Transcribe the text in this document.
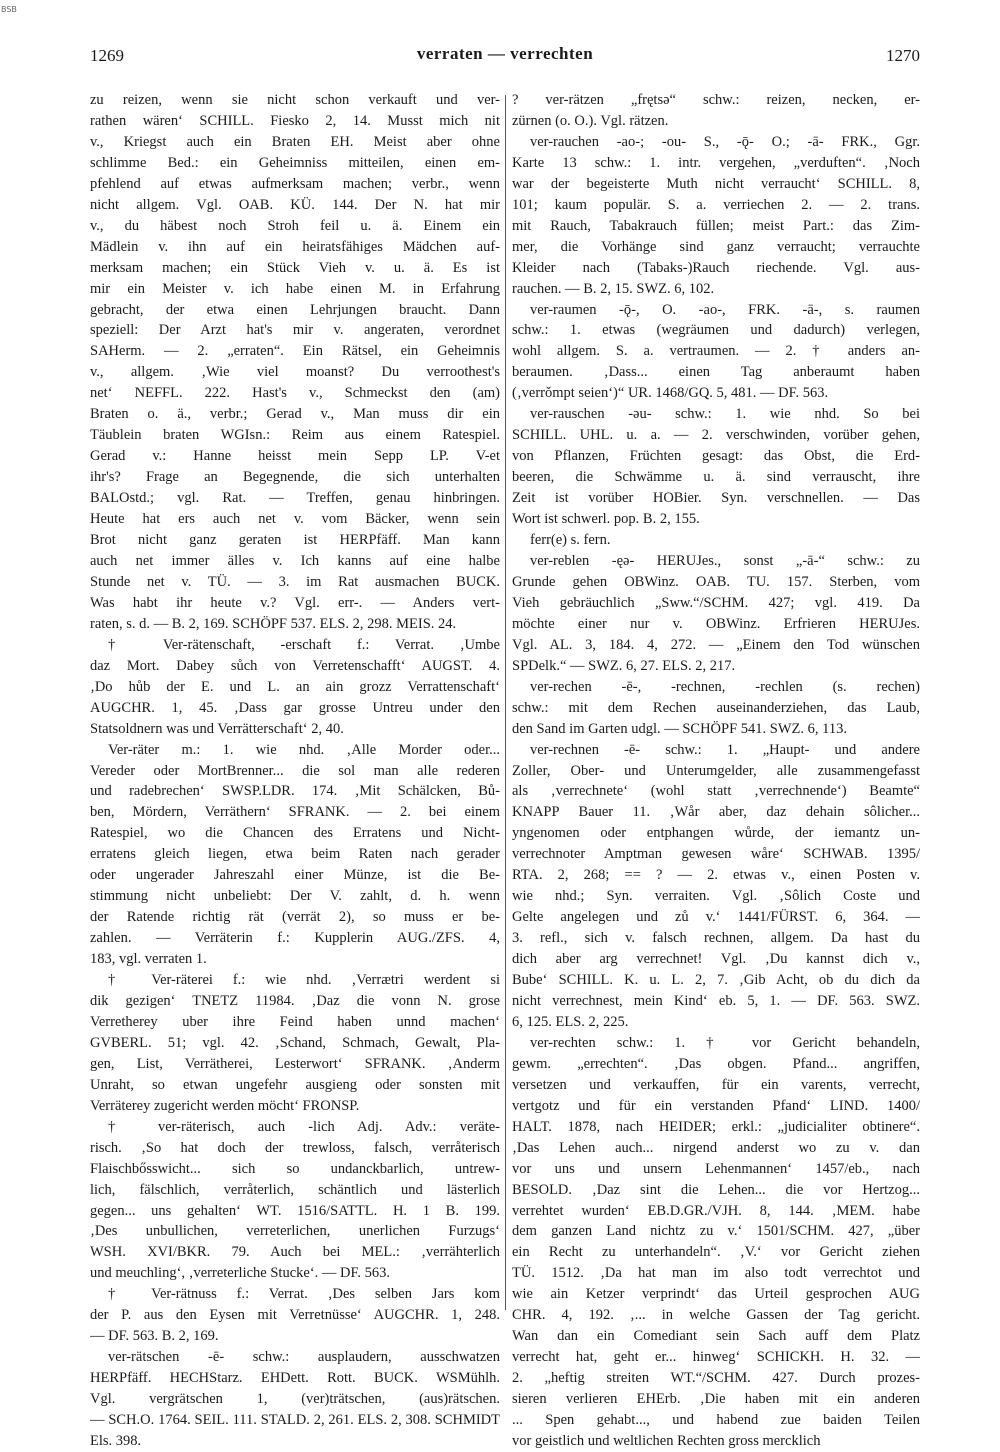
BSB
1269	verraten — verrechten	1270
zu reizen, wenn sie nicht schon verkauft und ver-
rathen wären‘ SCHILL. Fiesko 2, 14. Musst mich nit
v., Kriegst auch ein Braten EH. Meist aber ohne
schlimme Bed.: ein Geheimniss mitteilen, einen em-
pfehlend auf etwas aufmerksam machen; verbr., wenn
nicht allgem. Vgl. OAB. KÜ. 144. Der N. hat mir
v., du häbest noch Stroh feil u. ä. Einem ein
Mädlein v. ihn auf ein heiratsfähiges Mädchen auf-
merksam machen; ein Stück Vieh v. u. ä. Es ist
mir ein Meister v. ich habe einen M. in Erfahrung
gebracht, der etwa einen Lehrjungen braucht. Dann
speziell: Der Arzt hat's mir v. angeraten, verordnet
SAHerm. — 2. „erraten“. Ein Rätsel, ein Geheimnis
v., allgem. ‚Wie viel moanst? Du verroothest's
net‘ NEFFL. 222. Hast's v., Schmeckst den (am)
Braten o. ä., verbr.; Gerad v., Man muss dir ein
Täublein braten WGIsn.: Reim aus einem Ratespiel.
Gerad v.: Hanne heisst mein Sepp LP. V-et
ihr's? Frage an Begegnende, die sich unterhalten
BALOstd.; vgl. Rat. — Treffen, genau hinbringen.
Heute hat ers auch net v. vom Bäcker, wenn sein
Brot nicht ganz geraten ist HERPfäff. Man kann
auch net immer älles v. Ich kanns auf eine halbe
Stunde net v. TÜ. — 3. im Rat ausmachen BUCK.
Was habt ihr heute v.? Vgl. err-. — Anders vert-
raten, s. d. — B. 2, 169. SCHÖPF 537. ELS. 2, 298. MEIS. 24.
† Ver-rätenschaft, -erschaft f.: Verrat. ‚Umbe
daz Mort. Dabey sůch von Verretenschafft‘ AUGST. 4.
‚Do hůb der E. und L. an ain grozz Verrattenschaft‘
AUGCHR. 1, 45. ‚Dass gar grosse Untreu under den
Statsoldnern was und Verrätterschaft‘ 2, 40.
Ver-räter m.: 1. wie nhd. ‚Alle Morder oder...
Vereder oder MortBrenner... die sol man alle rederen
und radebrechen‘ SWSP.LDR. 174. ‚Mit Schälcken, Bů-
ben, Mördern, Verräthern‘ SFRANK. — 2. bei einem
Ratespiel, wo die Chancen des Erratens und Nicht-
erratens gleich liegen, etwa beim Raten nach gerader
oder ungerader Jahreszahl einer Münze, ist die Be-
stimmung nicht unbeliebt: Der V. zahlt, d. h. wenn
der Ratende richtig rät (verrät 2), so muss er be-
zahlen. — Verräterin f.: Kupplerin AUG./ZFS. 4,
183, vgl. verraten 1.
† Ver-räterei f.: wie nhd. ‚Verrætri werdent si
dik gezigen‘ TNETZ 11984. ‚Daz die vonn N. grose
Verretherey uber ihre Feind haben unnd machen‘
GVBERL. 51; vgl. 42. ‚Schand, Schmach, Gewalt, Pla-
gen, List, Verrätherei, Lesterwort‘ SFRANK. ‚Anderm
Unraht, so etwan ungefehr ausgieng oder sonsten mit
Verräterey zugericht werden möcht‘ FRONSP.
† ver-räterisch, auch -lich Adj. Adv.: veräte-
risch. ‚So hat doch der trewloss, falsch, verråterisch
Flaischbősswicht... sich so undanckbarlich, untrew-
lich, fälschlich, verråterlich, schäntlich und lästerlich
gegen... uns gehalten‘ WT. 1516/SATTL. H. 1 B. 199.
‚Des unbullichen, verreterlichen, unerlichen Furzugs‘
WSH. XVI/BKR. 79. Auch bei MEL.: ‚verrähterlich
und meuchling‘, ‚verreterliche Stucke‘. — DF. 563.
† Ver-rätnuss f.: Verrat. ‚Des selben Jars kom
der P. aus den Eysen mit Verretnüsse‘ AUGCHR. 1, 248.
— DF. 563. B. 2, 169.
ver-rätschen -ē- schw.: ausplaudern, ausschwatzen
HERPfäff. HECHStarz. EHDett. Rott. BUCK. WSMühlh.
Vgl. vergrätschen 1, (ver)trätschen, (aus)rätschen.
— SCH.O. 1764. SEIL. 111. STALD. 2, 261. ELS. 2, 308. SCHMIDT
Els. 398.
? ver-rätzen „frętsə“ schw.: reizen, necken, er-
zürnen (o. O.). Vgl. rätzen.
ver-rauchen -ao-; -ou- S., -ǭ- O.; -ā- FRK., Ggr.
Karte 13 schw.: 1. intr. vergehen, „verduften“. ‚Noch
war der begeisterte Muth nicht verraucht‘ SCHILL. 8,
101; kaum populär. S. a. verriechen 2. — 2. trans.
mit Rauch, Tabakrauch füllen; meist Part.: das Zim-
mer, die Vorhänge sind ganz verraucht; verrauchte
Kleider nach (Tabaks-)Rauch riechende. Vgl. aus-
rauchen. — B. 2, 15. SWZ. 6, 102.
ver-raumen -ǭ-, O. -ao-, FRK. -ā-, s. raumen
schw.: 1. etwas (wegräumen und dadurch) verlegen,
wohl allgem. S. a. vertraumen. — 2. † anders an-
beraumen. ‚Dass... einen Tag anberaumt haben
(‚verrǒmpt seien‘)“ UR. 1468/GQ. 5, 481. — DF. 563.
ver-rauschen -əu- schw.: 1. wie nhd. So bei
SCHILL. UHL. u. a. — 2. verschwinden, vorüber gehen,
von Pflanzen, Früchten gesagt: das Obst, die Erd-
beeren, die Schwämme u. ä. sind verrauscht, ihre
Zeit ist vorüber HOBier. Syn. verschnellen. — Das
Wort ist schwerl. pop. B. 2, 155.
ferr(e) s. fern.
ver-reblen -ęə- HERUJes., sonst „-ā-“ schw.: zu
Grunde gehen OBWinz. OAB. TU. 157. Sterben, vom
Vieh gebräuchlich „Sww.“/SCHM. 427; vgl. 419. Da
möchte einer nur v. OBWinz. Erfrieren HERUJes.
Vgl. AL. 3, 184. 4, 272. — „Einem den Tod wünschen
SPDelk.“ — SWZ. 6, 27. ELS. 2, 217.
ver-rechen -ē-, -rechnen, -rechlen (s. rechen)
schw.: mit dem Rechen auseinanderziehen, das Laub,
den Sand im Garten udgl. — SCHÖPF 541. SWZ. 6, 113.
ver-rechnen -ē- schw.: 1. „Haupt- und andere
Zoller, Ober- und Unterumgelder, alle zusammengefasst
als ‚verrechnete‘ (wohl statt ‚verrechnende‘) Beamte“
KNAPP Bauer 11. ‚Wår aber, daz dehain sôlicher...
yngenomen oder entphangen wůrde, der iemantz un-
verrechnoter Amptman gewesen wåre‘ SCHWAB. 1395/
RTA. 2, 268; == ? — 2. etwas v., einen Posten v.
wie nhd.; Syn. verraiten. Vgl. ‚Sôlich Coste und
Gelte angelegen und zů v.‘ 1441/FÜRST. 6, 364. —
3. refl., sich v. falsch rechnen, allgem. Da hast du
dich aber arg verrechnet! Vgl. ‚Du kannst dich v.,
Bube‘ SCHILL. K. u. L. 2, 7. ‚Gib Acht, ob du dich da
nicht verrechnest, mein Kind‘ eb. 5, 1. — DF. 563. SWZ.
6, 125. ELS. 2, 225.
ver-rechten schw.: 1. † vor Gericht behandeln,
gewm. „errechten“. ‚Das obgen. Pfand... angriffen,
versetzen und verkauffen, für ein varents, verrecht,
vertgotz und für ein verstanden Pfand‘ LIND. 1400/
HALT. 1878, nach HEIDER; erkl.: „judicialiter obtinere“.
‚Das Lehen auch... nirgend anderst wo zu v. dan
vor uns und unsern Lehenmannen‘ 1457/eb., nach
BESOLD. ‚Daz sint die Lehen... die vor Hertzog...
verrehtet wurden‘ EB.D.GR./VJH. 8, 144. ‚MEM. habe
dem ganzen Land nichtz zu v.‘ 1501/SCHM. 427, „über
ein Recht zu unterhandeln“. ‚V.‘ vor Gericht ziehen
TÜ. 1512. ‚Da hat man im also todt verrechtot und
wie ain Ketzer verprindt‘ das Urteil gesprochen AUG
CHR. 4, 192. ‚... in welche Gassen der Tag gericht.
Wan dan ein Comediant sein Sach auff dem Platz
verrecht hat, geht er... hinweg‘ SCHICKH. H. 32. —
2. „heftig streiten WT.“/SCHM. 427. Durch prozes-
sieren verlieren EHErb. ‚Die haben mit ein anderen
... Spen gehabt..., und habend zue baiden Teilen
vor geistlich und weltlichen Rechten gross mercklich
